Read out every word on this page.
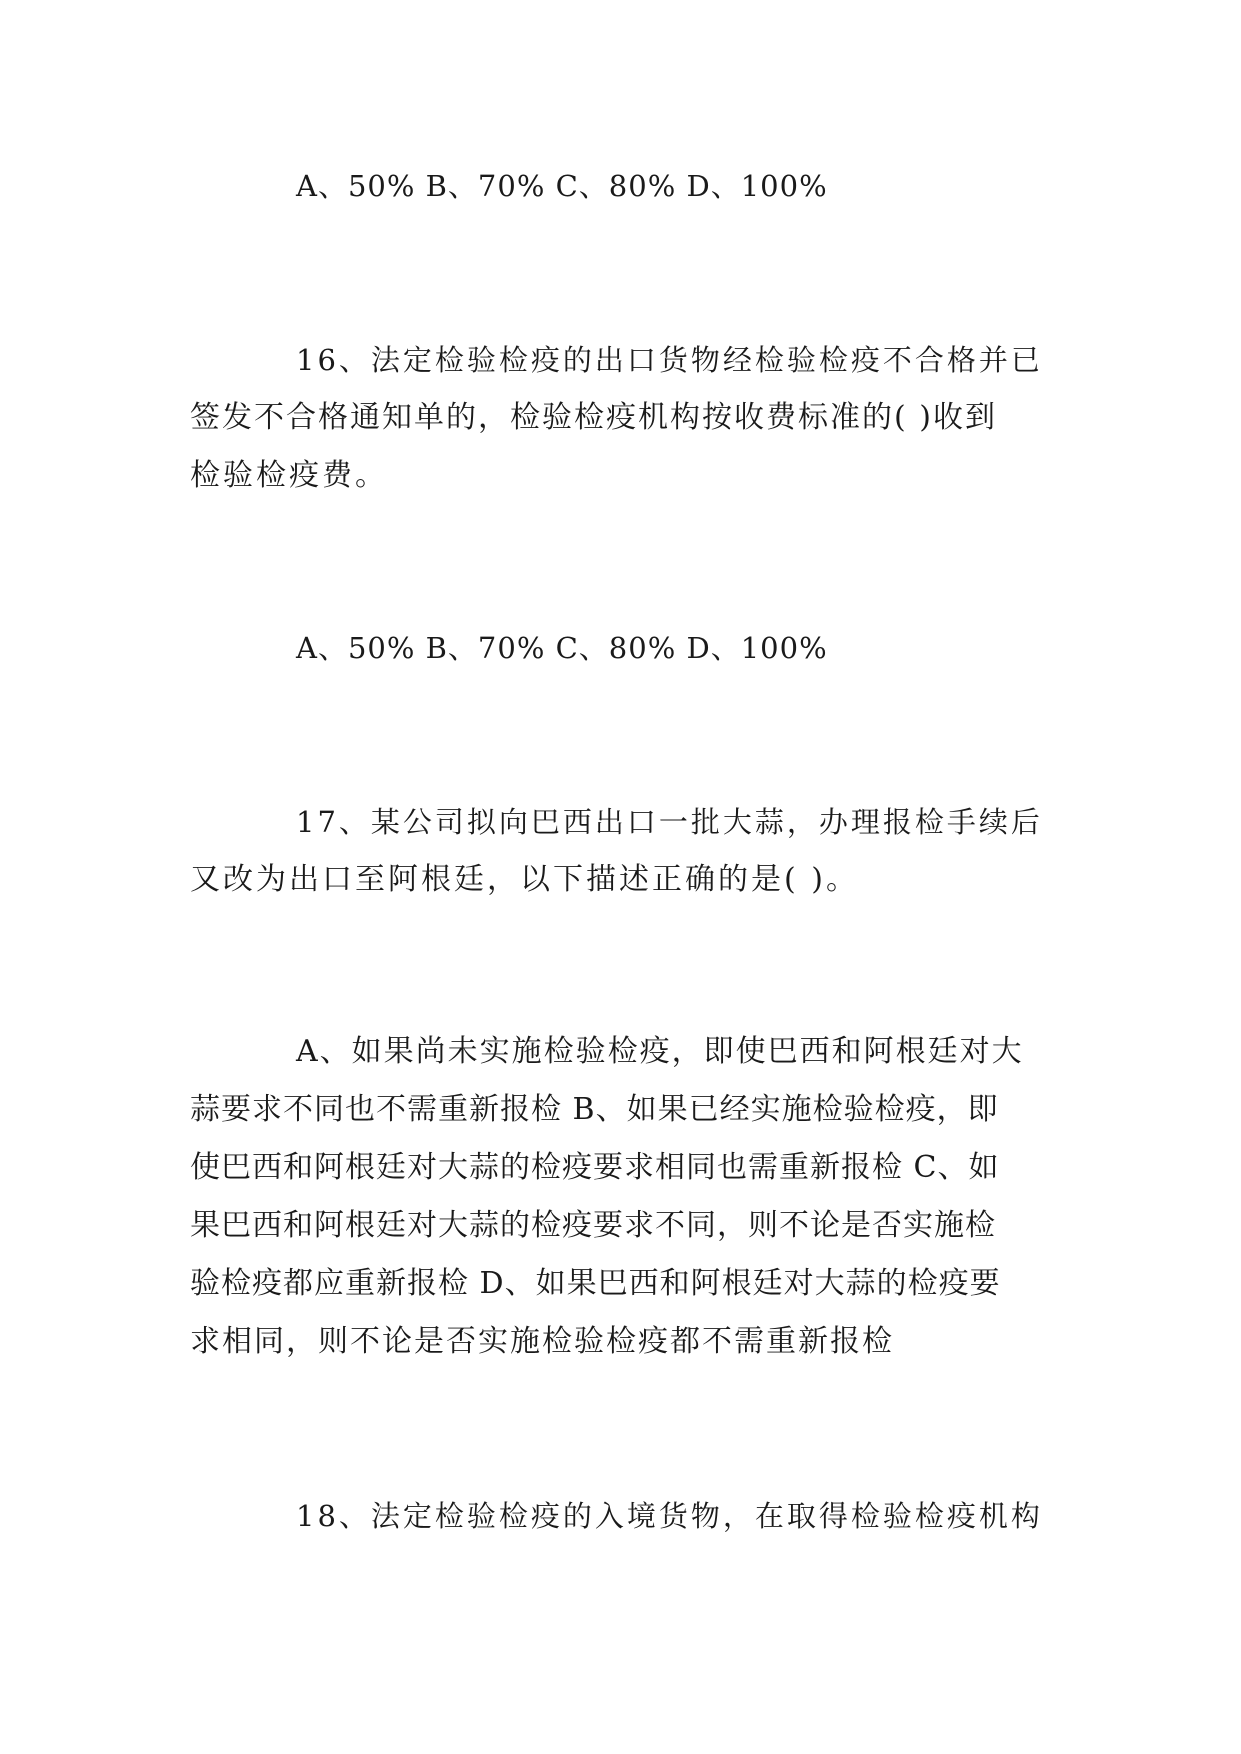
A、50% B、70% C、80% D、100%

16、法定检验检疫的出口货物经检验检疫不合格并已

签发不合格通知单的，检验检疫机构按收费标准的( )收到

检验检疫费。

A、50% B、70% C、80% D、100%

17、某公司拟向巴西出口一批大蒜，办理报检手续后

又改为出口至阿根廷，以下描述正确的是( )。

A、如果尚未实施检验检疫，即使巴西和阿根廷对大

蒜要求不同也不需重新报检 B、如果已经实施检验检疫，即

使巴西和阿根廷对大蒜的检疫要求相同也需重新报检 C、如

果巴西和阿根廷对大蒜的检疫要求不同，则不论是否实施检

验检疫都应重新报检 D、如果巴西和阿根廷对大蒜的检疫要

求相同，则不论是否实施检验检疫都不需重新报检

18、法定检验检疫的入境货物，在取得检验检疫机构
